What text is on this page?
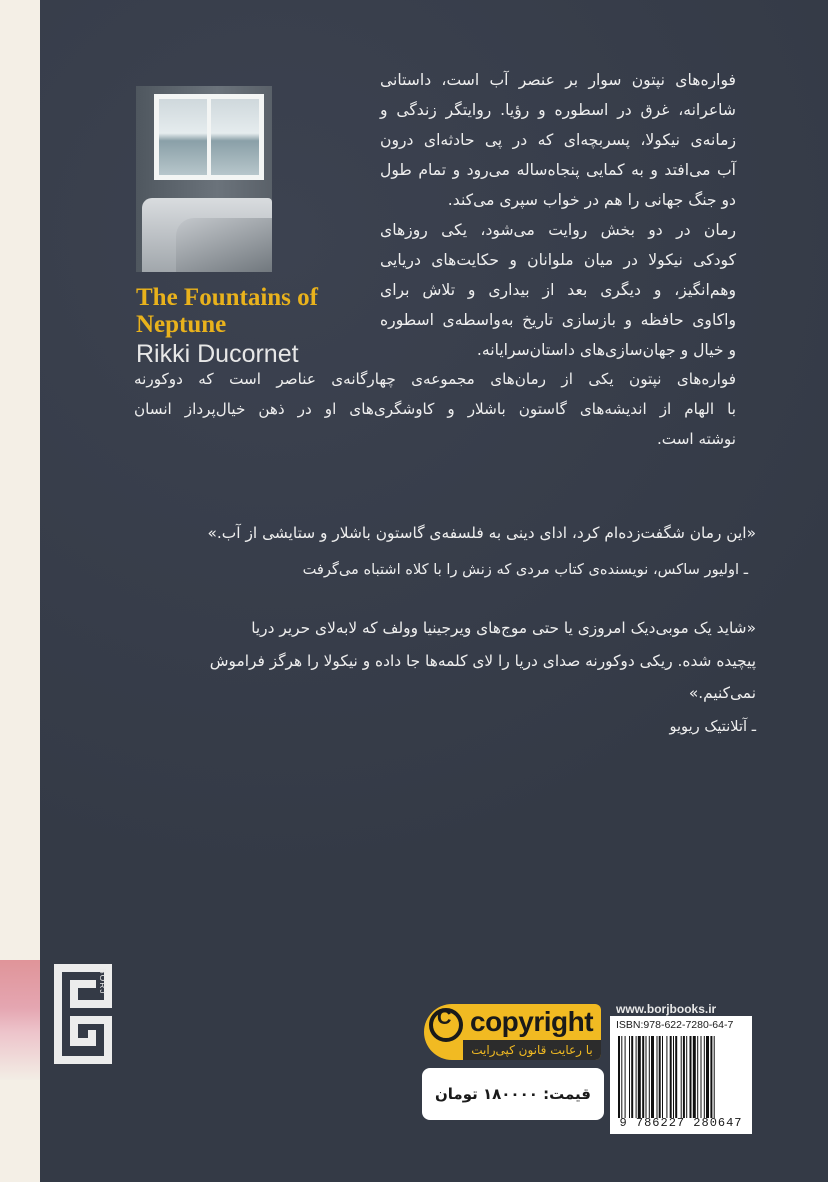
The Fountains of
Neptune
Rikki Ducornet
فواره‌های نپتون سوار بر عنصر آب است، داستانی
شاعرانه، غرق در اسطوره و رؤیا. روایتگر زندگی و
زمانه‌ی نیکولا، پسربچه‌ای که در پی حادثه‌ای درون
آب می‌افتد و به کمایی پنجاه‌ساله می‌رود و تمام طول
دو جنگ جهانی را هم در خواب سپری می‌کند.
رمان در دو بخش روایت می‌شود، یکی روزهای
کودکی نیکولا در میان ملوانان و حکایت‌های دریایی
وهم‌انگیز، و دیگری بعد از بیداری و تلاش برای
واکاوی حافظه و بازسازی تاریخ به‌واسطه‌ی اسطوره
و خیال و جهان‌سازی‌های داستان‌سرایانه.
فواره‌های نپتون یکی از رمان‌های مجموعه‌ی چهارگانه‌ی عناصر است که دوکورنه
با الهام از اندیشه‌های گاستون باشلار و کاوشگری‌های او در ذهن خیال‌پرداز انسان
نوشته است.
«این رمان شگفت‌زده‌ام کرد، ادای دینی به فلسفه‌ی گاستون باشلار و ستایشی از آب.»
ـ اولیور ساکس، نویسنده‌ی کتاب مردی که زنش را با کلاه اشتباه می‌گرفت
«شاید یک موبی‌دیک امروزی یا حتی موج‌های ویرجینیا وولف که لابه‌لای حریر دریا
پیچیده شده. ریکی دوکورنه صدای دریا را لای کلمه‌ها جا داده و نیکولا را هرگز فراموش
نمی‌کنیم.»
ـ آتلانتیک ریویو
BORJ
C copyright
با رعایت قانون کپی‌رایت
قیمت: ۱۸۰۰۰۰ تومان
www.borjbooks.ir
ISBN:978-622-7280-64-7
9 786227 280647
